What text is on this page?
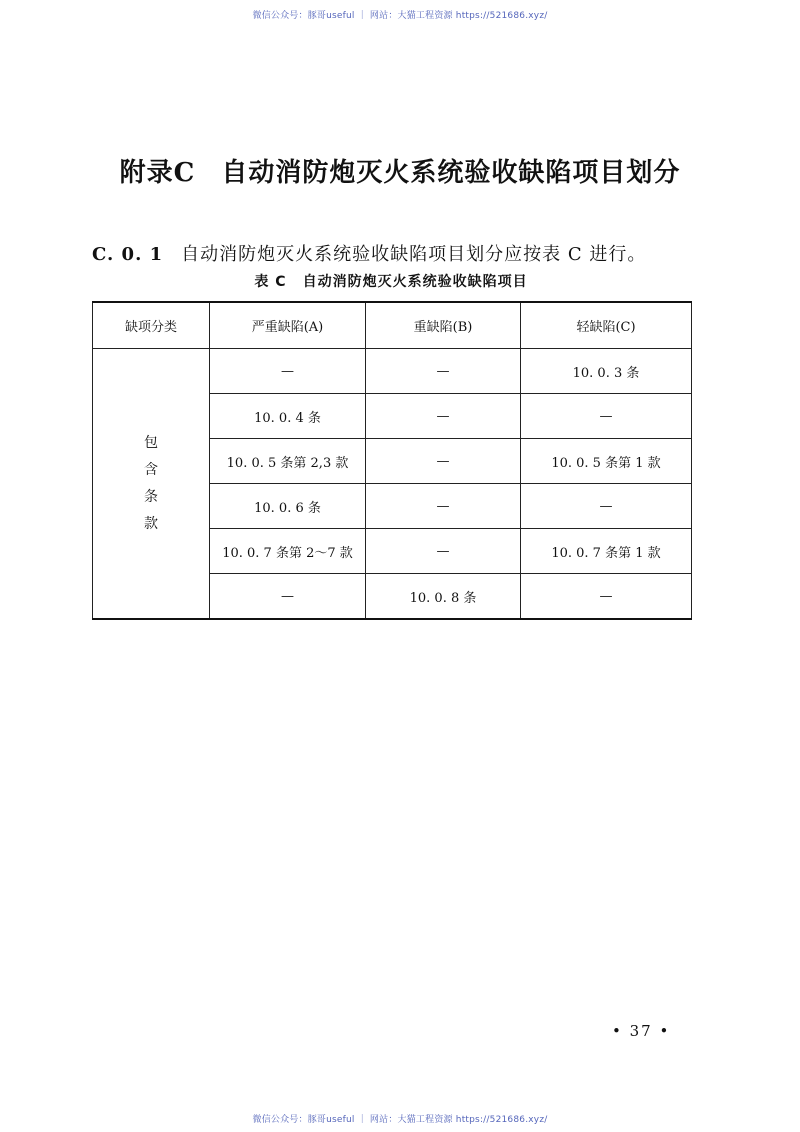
微信公众号：豚哥useful ｜ 网站：大猫工程资源 https://521686.xyz/
附录C 自动消防炮灭火系统验收缺陷项目划分
C. 0. 1 自动消防炮灭火系统验收缺陷项目划分应按表 C 进行。
表 C 自动消防炮灭火系统验收缺陷项目
缺项分类	严重缺陷(A)	重缺陷(B)	轻缺陷(C)

包
含
条
款	—	—	10. 0. 3 条
	10. 0. 4 条	—	—
	10. 0. 5 条第 2,3 款	—	10. 0. 5 条第 1 款
	10. 0. 6 条	—	—
	10. 0. 7 条第 2～7 款	—	10. 0. 7 条第 1 款
	—	10. 0. 8 条	—
• 37 •
微信公众号：豚哥useful ｜ 网站：大猫工程资源 https://521686.xyz/
